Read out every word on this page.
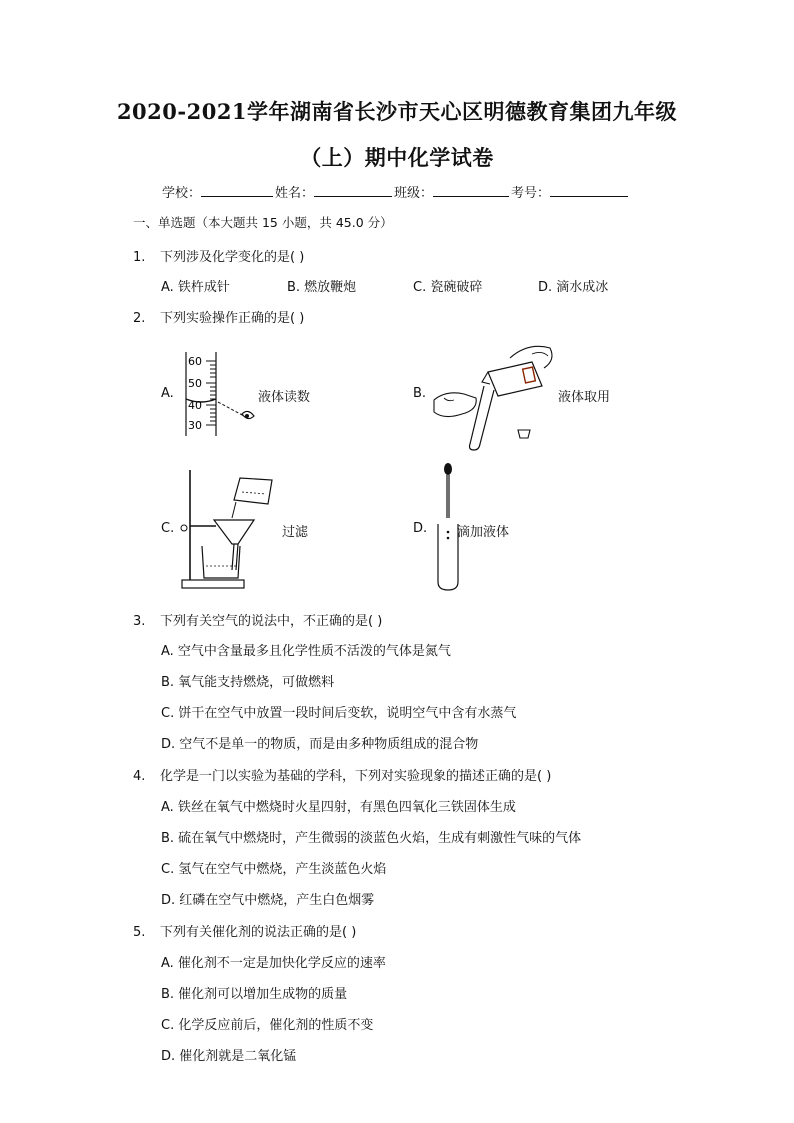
2020-2021学年湖南省长沙市天心区明德教育集团九年级
（上）期中化学试卷
学校：	姓名：	班级：	考号：
一、单选题（本大题共 15 小题，共 45.0 分）
1. 下列涉及化学变化的是( )
A. 铁杵成针	B. 燃放鞭炮	C. 瓷碗破碎	D. 滴水成冰
2. 下列实验操作正确的是( )
A.
60
50
40
30
液体读数	B.	液体取用
C.	过滤	D. 滴加液体
3. 下列有关空气的说法中，不正确的是( )
A. 空气中含量最多且化学性质不活泼的气体是氮气
B. 氧气能支持燃烧，可做燃料
C. 饼干在空气中放置一段时间后变软，说明空气中含有水蒸气
D. 空气不是单一的物质，而是由多种物质组成的混合物
4. 化学是一门以实验为基础的学科，下列对实验现象的描述正确的是( )
A. 铁丝在氧气中燃烧时火星四射，有黑色四氧化三铁固体生成
B. 硫在氧气中燃烧时，产生微弱的淡蓝色火焰，生成有刺激性气味的气体
C. 氢气在空气中燃烧，产生淡蓝色火焰
D. 红磷在空气中燃烧，产生白色烟雾
5. 下列有关催化剂的说法正确的是( )
A. 催化剂不一定是加快化学反应的速率
B. 催化剂可以增加生成物的质量
C. 化学反应前后，催化剂的性质不变
D. 催化剂就是二氧化锰
